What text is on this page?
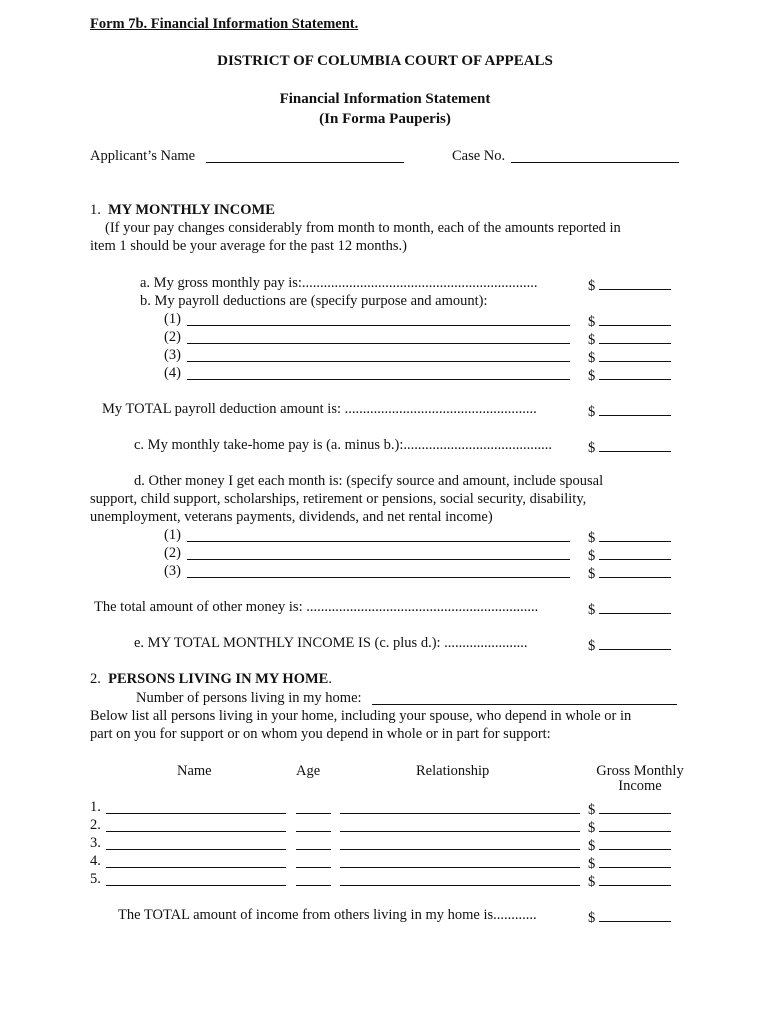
Form 7b. Financial Information Statement.
DISTRICT OF COLUMBIA COURT OF APPEALS
Financial Information Statement
(In Forma Pauperis)
Applicant’s Name	Case No.
1. MY MONTHLY INCOME
(If your pay changes considerably from month to month, each of the amounts reported in
item 1 should be your average for the past 12 months.)
a. My gross monthly pay is:.................................................................	$
b. My payroll deductions are (specify purpose and amount):
(1)	$
(2)	$
(3)	$
(4)	$
My TOTAL payroll deduction amount is: .....................................................	$
c. My monthly take-home pay is (a. minus b.):......................................... $
d. Other money I get each month is: (specify source and amount, include spousal
support, child support, scholarships, retirement or pensions, social security, disability,
unemployment, veterans payments, dividends, and net rental income)
(1)	$
(2)	$
(3)	$
The total amount of other money is: ................................................................	$
e. MY TOTAL MONTHLY INCOME IS (c. plus d.): .......................	$
2. PERSONS LIVING IN MY HOME.
Number of persons living in my home:
Below list all persons living in your home, including your spouse, who depend in whole or in
part on you for support or on whom you depend in whole or in part for support:
Name	Age	Relationship	Gross Monthly
Income
1.	$
2.	$
3.	$
4.	$
5.	$
The TOTAL amount of income from others living in my home is............	$
